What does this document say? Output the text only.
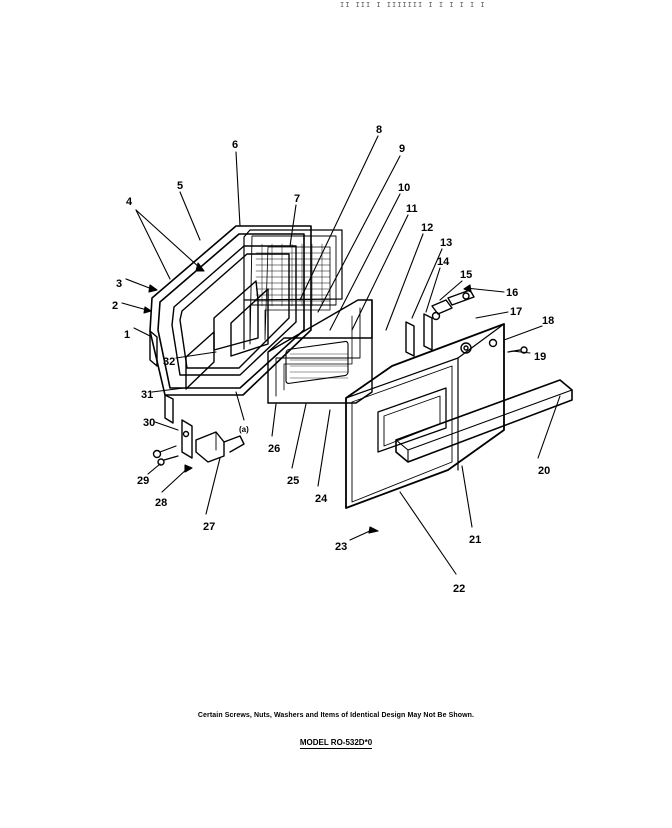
II III I IIIIIII I I I I I I
1
2
3
4
5
6
7
8
9
10
11
12
13
14
15
16
17
18
19
20
21
22
23
24
25
26
27
28
29
30
31
32
(a)
Certain Screws, Nuts, Washers and Items of Identical Design May Not Be Shown.
MODEL RO-532D*0
